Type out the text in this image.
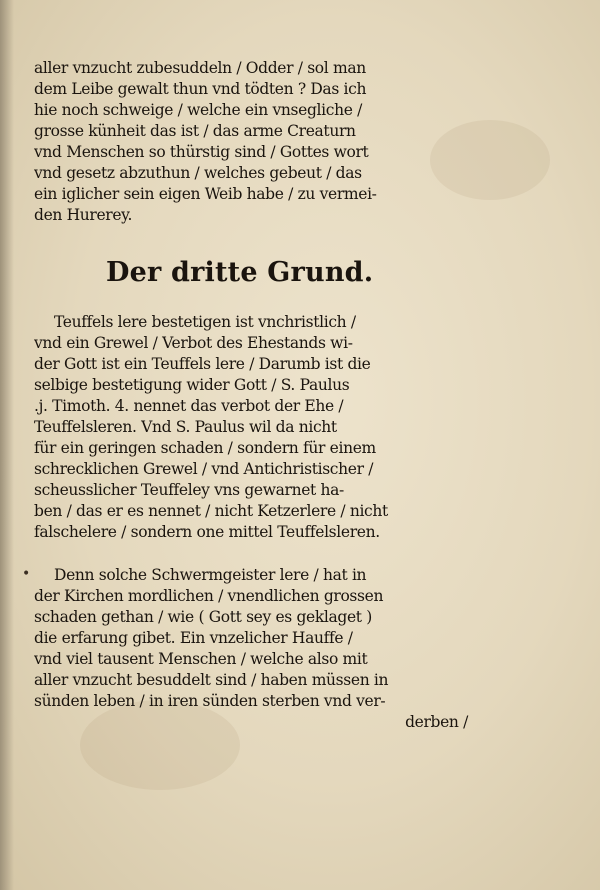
•
aller vnzucht zubesuddeln / Odder / sol man
dem Leibe gewalt thun vnd tödten ? Das ich
hie noch schweige / welche ein vnsegliche /
grosse künheit das ist / das arme Creaturn
vnd Menschen so thürstig sind / Gottes wort
vnd gesetz abzuthun / welches gebeut / das
ein iglicher sein eigen Weib habe / zu vermei-
den Hurerey.
Der dritte Grund.
Teuffels lere bestetigen ist vnchristlich /
vnd ein Grewel / Verbot des Ehestands wi-
der Gott ist ein Teuffels lere / Darumb ist die
selbige bestetigung wider Gott / S. Paulus
.j. Timoth. 4. nennet das verbot der Ehe /
Teuffelsleren. Vnd S. Paulus wil da nicht
für ein geringen schaden / sondern für einem
schrecklichen Grewel / vnd Antichristischer /
scheusslicher Teuffeley vns gewarnet ha-
ben / das er es nennet / nicht Ketzerlere / nicht
falschelere / sondern one mittel Teuffelsleren.
Denn solche Schwermgeister lere / hat in
der Kirchen mordlichen / vnendlichen grossen
schaden gethan / wie ( Gott sey es geklaget )
die erfarung gibet. Ein vnzelicher Hauffe /
vnd viel tausent Menschen / welche also mit
aller vnzucht besuddelt sind / haben müssen in
sünden leben / in iren sünden sterben vnd ver-
derben /
